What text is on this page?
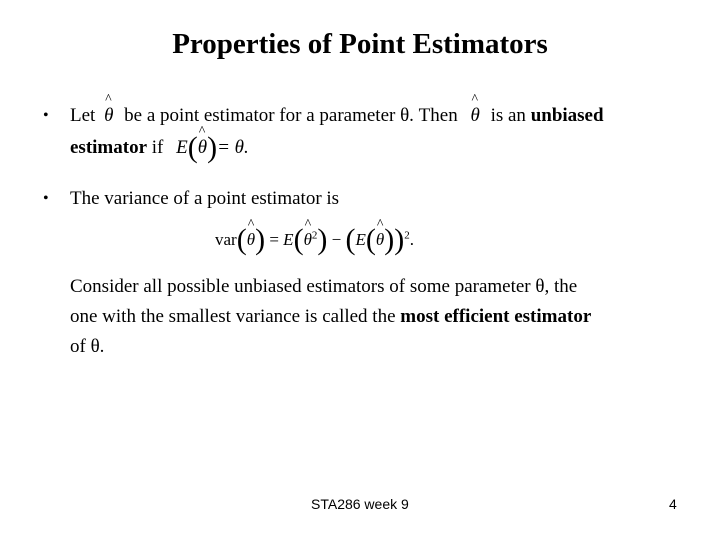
Properties of Point Estimators
• Let
^
θ be a point estimator for a parameter θ. Then
^
θ is an unbiased
estimator if E( ^
θ)= θ.
• The variance of a point estimator is
var( ^
θ) = E( ^
$\theta^2) - (E$( ^
θ))$^2$.
Consider all possible unbiased estimators of some parameter θ, the
one with the smallest variance is called the most efficient estimator
of θ.
STA286 week 9	4
